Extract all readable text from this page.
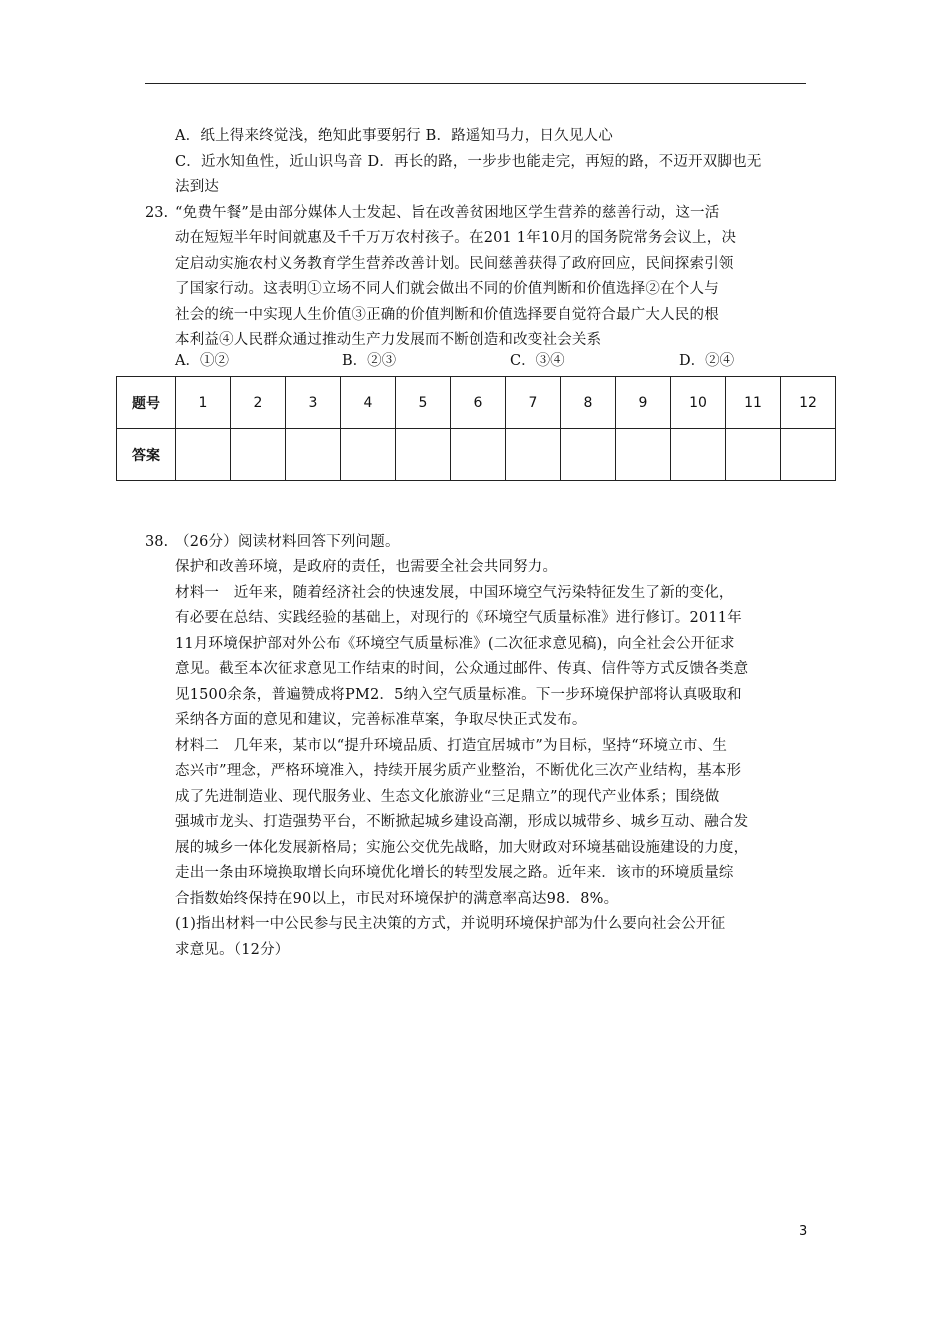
A．纸上得来终觉浅，绝知此事要躬行 B．路遥知马力，日久见人心
C．近水知鱼性，近山识鸟音 D．再长的路，一步步也能走完，再短的路，不迈开双脚也无
法到达
23. “免费午餐”是由部分媒体人士发起、旨在改善贫困地区学生营养的慈善行动，这一活
动在短短半年时间就惠及千千万万农村孩子。在201 1年10月的国务院常务会议上，决
定启动实施农村义务教育学生营养改善计划。民间慈善获得了政府回应，民间探索引领
了国家行动。这表明①立场不同人们就会做出不同的价值判断和价值选择②在个人与
社会的统一中实现人生价值③正确的价值判断和价值选择要自觉符合最广大人民的根
本利益④人民群众通过推动生产力发展而不断创造和改变社会关系
A．①②	B．②③	C．③④	D．②④
题号	1	2	3	4	5	6	7	8	9	10	11	12
答案												
38. （26分）阅读材料回答下列问题。
保护和改善环境，是政府的责任，也需要全社会共同努力。
材料一　近年来，随着经济社会的快速发展，中国环境空气污染特征发生了新的变化，
有必要在总结、实践经验的基础上，对现行的《环境空气质量标准》进行修订。2011年
11月环境保护部对外公布《环境空气质量标准》(二次征求意见稿)，向全社会公开征求
意见。截至本次征求意见工作结束的时间，公众通过邮件、传真、信件等方式反馈各类意
见1500余条，普遍赞成将PM2．5纳入空气质量标准。下一步环境保护部将认真吸取和
采纳各方面的意见和建议，完善标准草案，争取尽快正式发布。
材料二　几年来，某市以“提升环境品质、打造宜居城市”为目标，坚持“环境立市、生
态兴市”理念，严格环境准入，持续开展劣质产业整治，不断优化三次产业结构，基本形
成了先进制造业、现代服务业、生态文化旅游业“三足鼎立”的现代产业体系；围绕做
强城市龙头、打造强势平台，不断掀起城乡建设高潮，形成以城带乡、城乡互动、融合发
展的城乡一体化发展新格局；实施公交优先战略，加大财政对环境基础设施建设的力度，
走出一条由环境换取增长向环境优化增长的转型发展之路。近年来．该市的环境质量综
合指数始终保持在90以上，市民对环境保护的满意率高达98．8%。
(1)指出材料一中公民参与民主决策的方式，并说明环境保护部为什么要向社会公开征
求意见。（12分）
3
